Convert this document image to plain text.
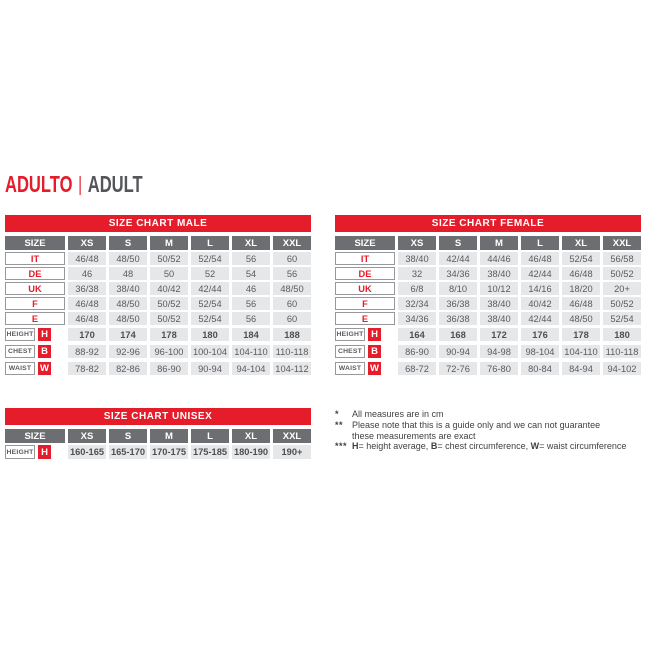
ADULTO | ADULT
SIZE CHART MALE
SIZE	XS	S	M	L	XL	XXL
IT	46/48	48/50	50/52	52/54	56	60
DE	46	48	50	52	54	56
UK	36/38	38/40	40/42	42/44	46	48/50
F	46/48	48/50	50/52	52/54	56	60
E	46/48	48/50	50/52	52/54	56	60
HEIGHT H	170	174	178	180	184	188
CHEST B	88-92	92-96	96-100	100-104 104-110 110-118
WAIST W	78-82	82-86	86-90	90-94	94-104	104-112
SIZE CHART FEMALE
SIZE	XS	S	M	L	XL	XXL
IT	38/40	42/44	44/46	46/48	52/54	56/58
DE	32	34/36	38/40	42/44	46/48	50/52
UK	6/8	8/10	10/12	14/16	18/20	20+
F	32/34	36/38	38/40	40/42	46/48	50/52
E	34/36	36/38	38/40	42/44	48/50	52/54
HEIGHT H	164	168	172	176	178	180
CHEST B	86-90	90-94	94-98	98-104	104-110 110-118
WAIST W	68-72	72-76	76-80	80-84	84-94	94-102
SIZE CHART UNISEX
SIZE	XS	S	M	L	XL	XXL
HEIGHT H	160-165 165-170 170-175 175-185 180-190	190+
* All measures are in cm
** Please note that this is a guide only and we can not guarantee
these measurements are exact
*** H= height average, B= chest circumference, W= waist circumference
